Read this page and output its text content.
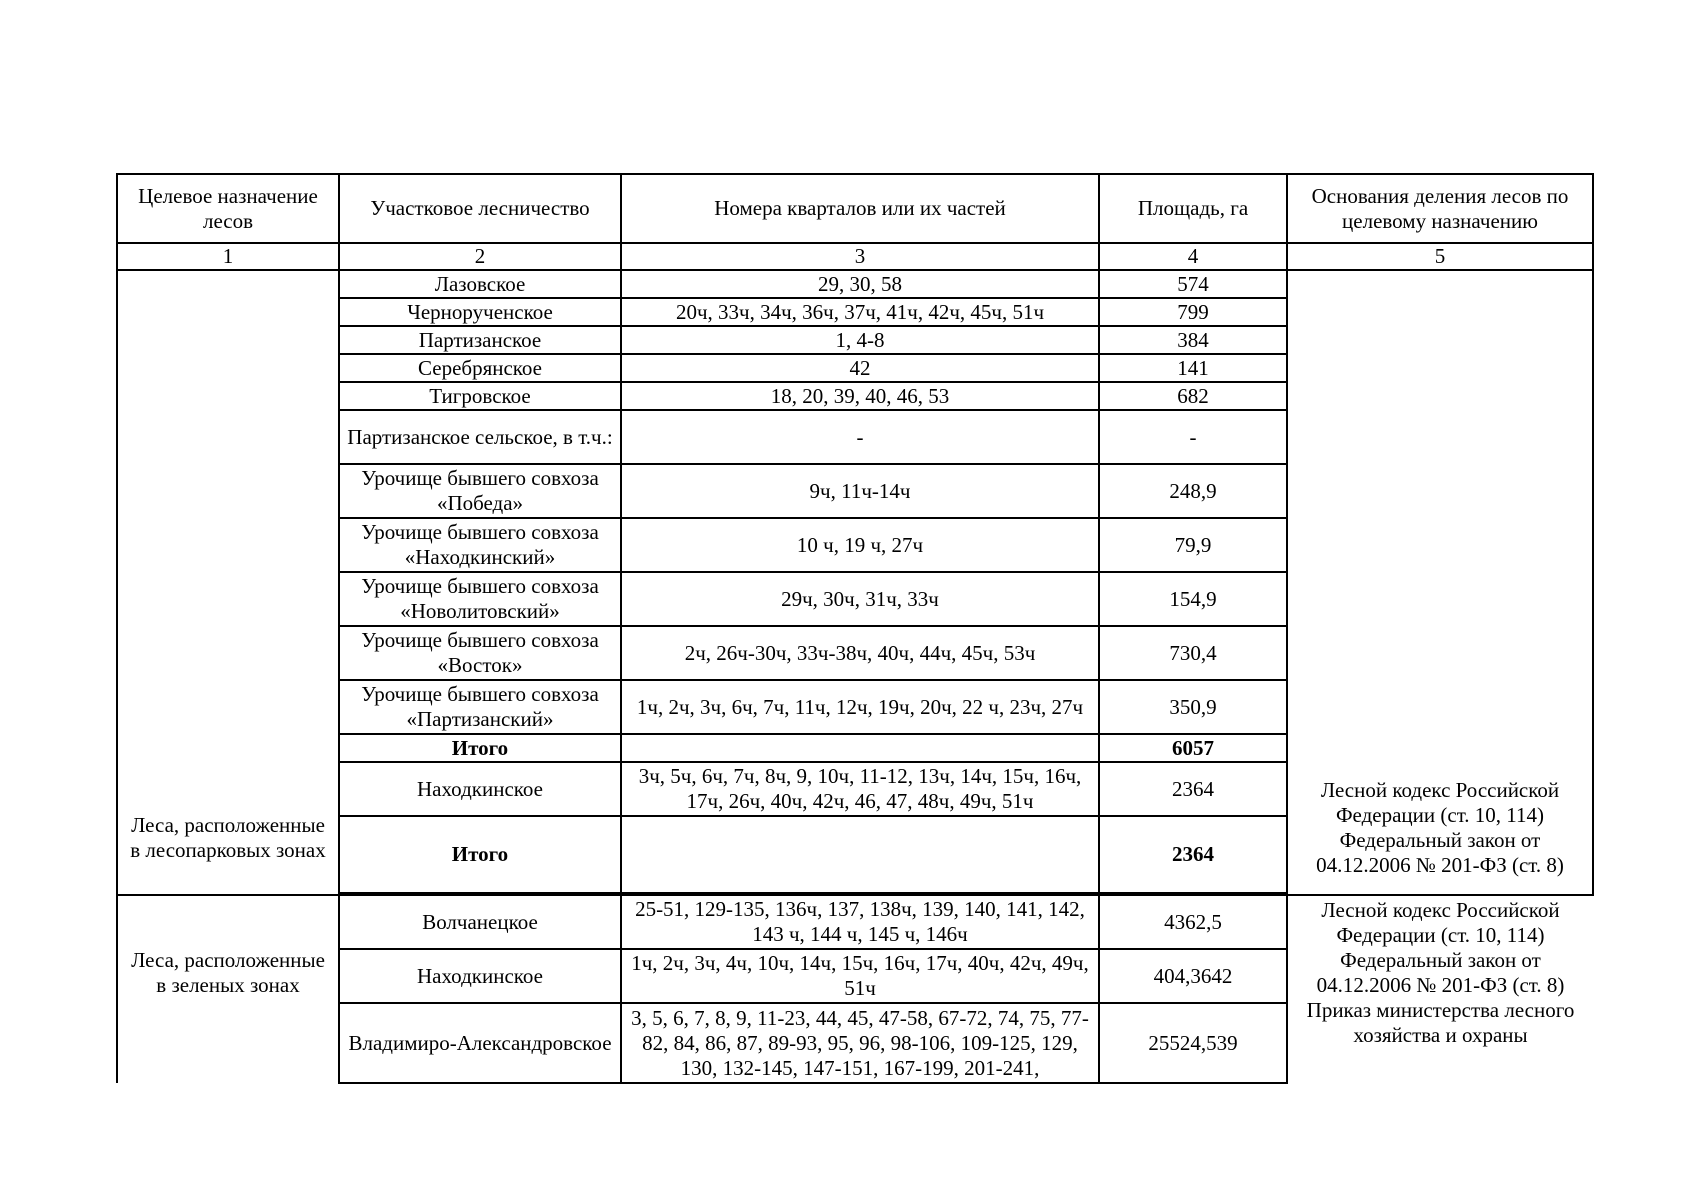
Целевое назначение лесов	Участковое лесничество	Номера кварталов или их частей	Площадь, га	Основания деления лесов по целевому назначению
1	2	3	4	5
Леса, расположенные в лесопарковых зонах	Лазовское	29, 30, 58	574	Лесной кодекс Российской Федерации (ст. 10, 114) Федеральный закон от 04.12.2006 № 201-ФЗ (ст. 8)
	Черноручeнское	20ч, 33ч, 34ч, 36ч, 37ч, 41ч, 42ч, 45ч, 51ч	799	
	Партизанское	1, 4-8	384	
	Серебрянское	42	141	
	Тигровское	18, 20, 39, 40, 46, 53	682	
	Партизанское сельское, в т.ч.:	-	-	
	Урочище бывшего совхоза «Победа»	9ч, 11ч-14ч	248,9	
	Урочище бывшего совхоза «Находкинский»	10 ч, 19 ч, 27ч	79,9	
	Урочище бывшего совхоза «Новолитовский»	29ч, 30ч, 31ч, 33ч	154,9	
	Урочище бывшего совхоза «Восток»	2ч, 26ч-30ч, 33ч-38ч, 40ч, 44ч, 45ч, 53ч	730,4	
	Урочище бывшего совхоза «Партизанский»	1ч, 2ч, 3ч, 6ч, 7ч, 11ч, 12ч, 19ч, 20ч, 22 ч, 23ч, 27ч	350,9	
	Итого		6057	
	Находкинское	3ч, 5ч, 6ч, 7ч, 8ч, 9, 10ч, 11-12, 13ч, 14ч, 15ч, 16ч, 17ч, 26ч, 40ч, 42ч, 46, 47, 48ч, 49ч, 51ч	2364	
	Итого		2364	

Леса, расположенные в зеленых зонах	Волчанецкое	25-51, 129-135, 136ч, 137, 138ч, 139, 140, 141, 142, 143 ч, 144 ч, 145 ч, 146ч	4362,5	Лесной кодекс Российской Федерации (ст. 10, 114) Федеральный закон от 04.12.2006 № 201-ФЗ (ст. 8) Приказ министерства лесного хозяйства и охраны
	Находкинское	1ч, 2ч, 3ч, 4ч, 10ч, 14ч, 15ч, 16ч, 17ч, 40ч, 42ч, 49ч, 51ч	404,3642	
	Владимиро-Александровское	3, 5, 6, 7, 8, 9, 11-23, 44, 45, 47-58, 67-72, 74, 75, 77-82, 84, 86, 87, 89-93, 95, 96, 98-106, 109-125, 129, 130, 132-145, 147-151, 167-199, 201-241,	25524,539	
